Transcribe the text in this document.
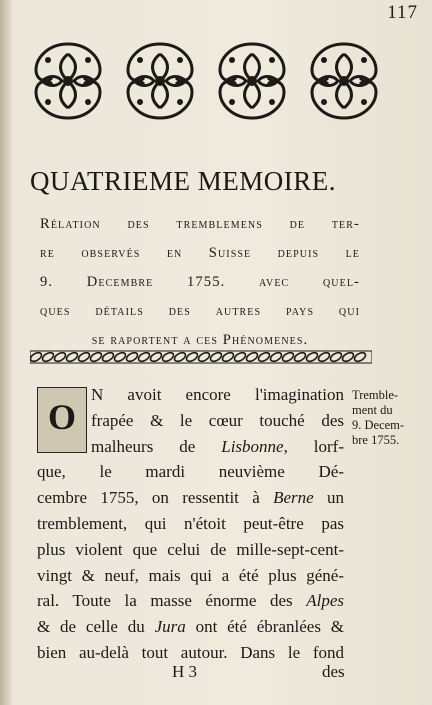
117
QUATRIEME MEMOIRE.
Rélation des tremblemens de ter-
re observés en Suisse depuis le
9. Decembre 1755. avec quel-
ques détails des autres pays qui
se raportent a ces Phénomenes.
O
N avoit encore l'imagination
frapée & le cœur touché des
malheurs de Lisbonne, lorf-
que, le mardi neuvième Dé-
cembre 1755, on ressentit à Berne un
tremblement, qui n'étoit peut-être pas
plus violent que celui de mille-sept-cent-
vingt & neuf, mais qui a été plus géné-
ral. Toute la masse énorme des Alpes
& de celle du Jura ont été ébranlées &
bien au-delà tout autour. Dans le fond
Tremble-
ment du
9. Decem-
bre 1755.
H 3	des
